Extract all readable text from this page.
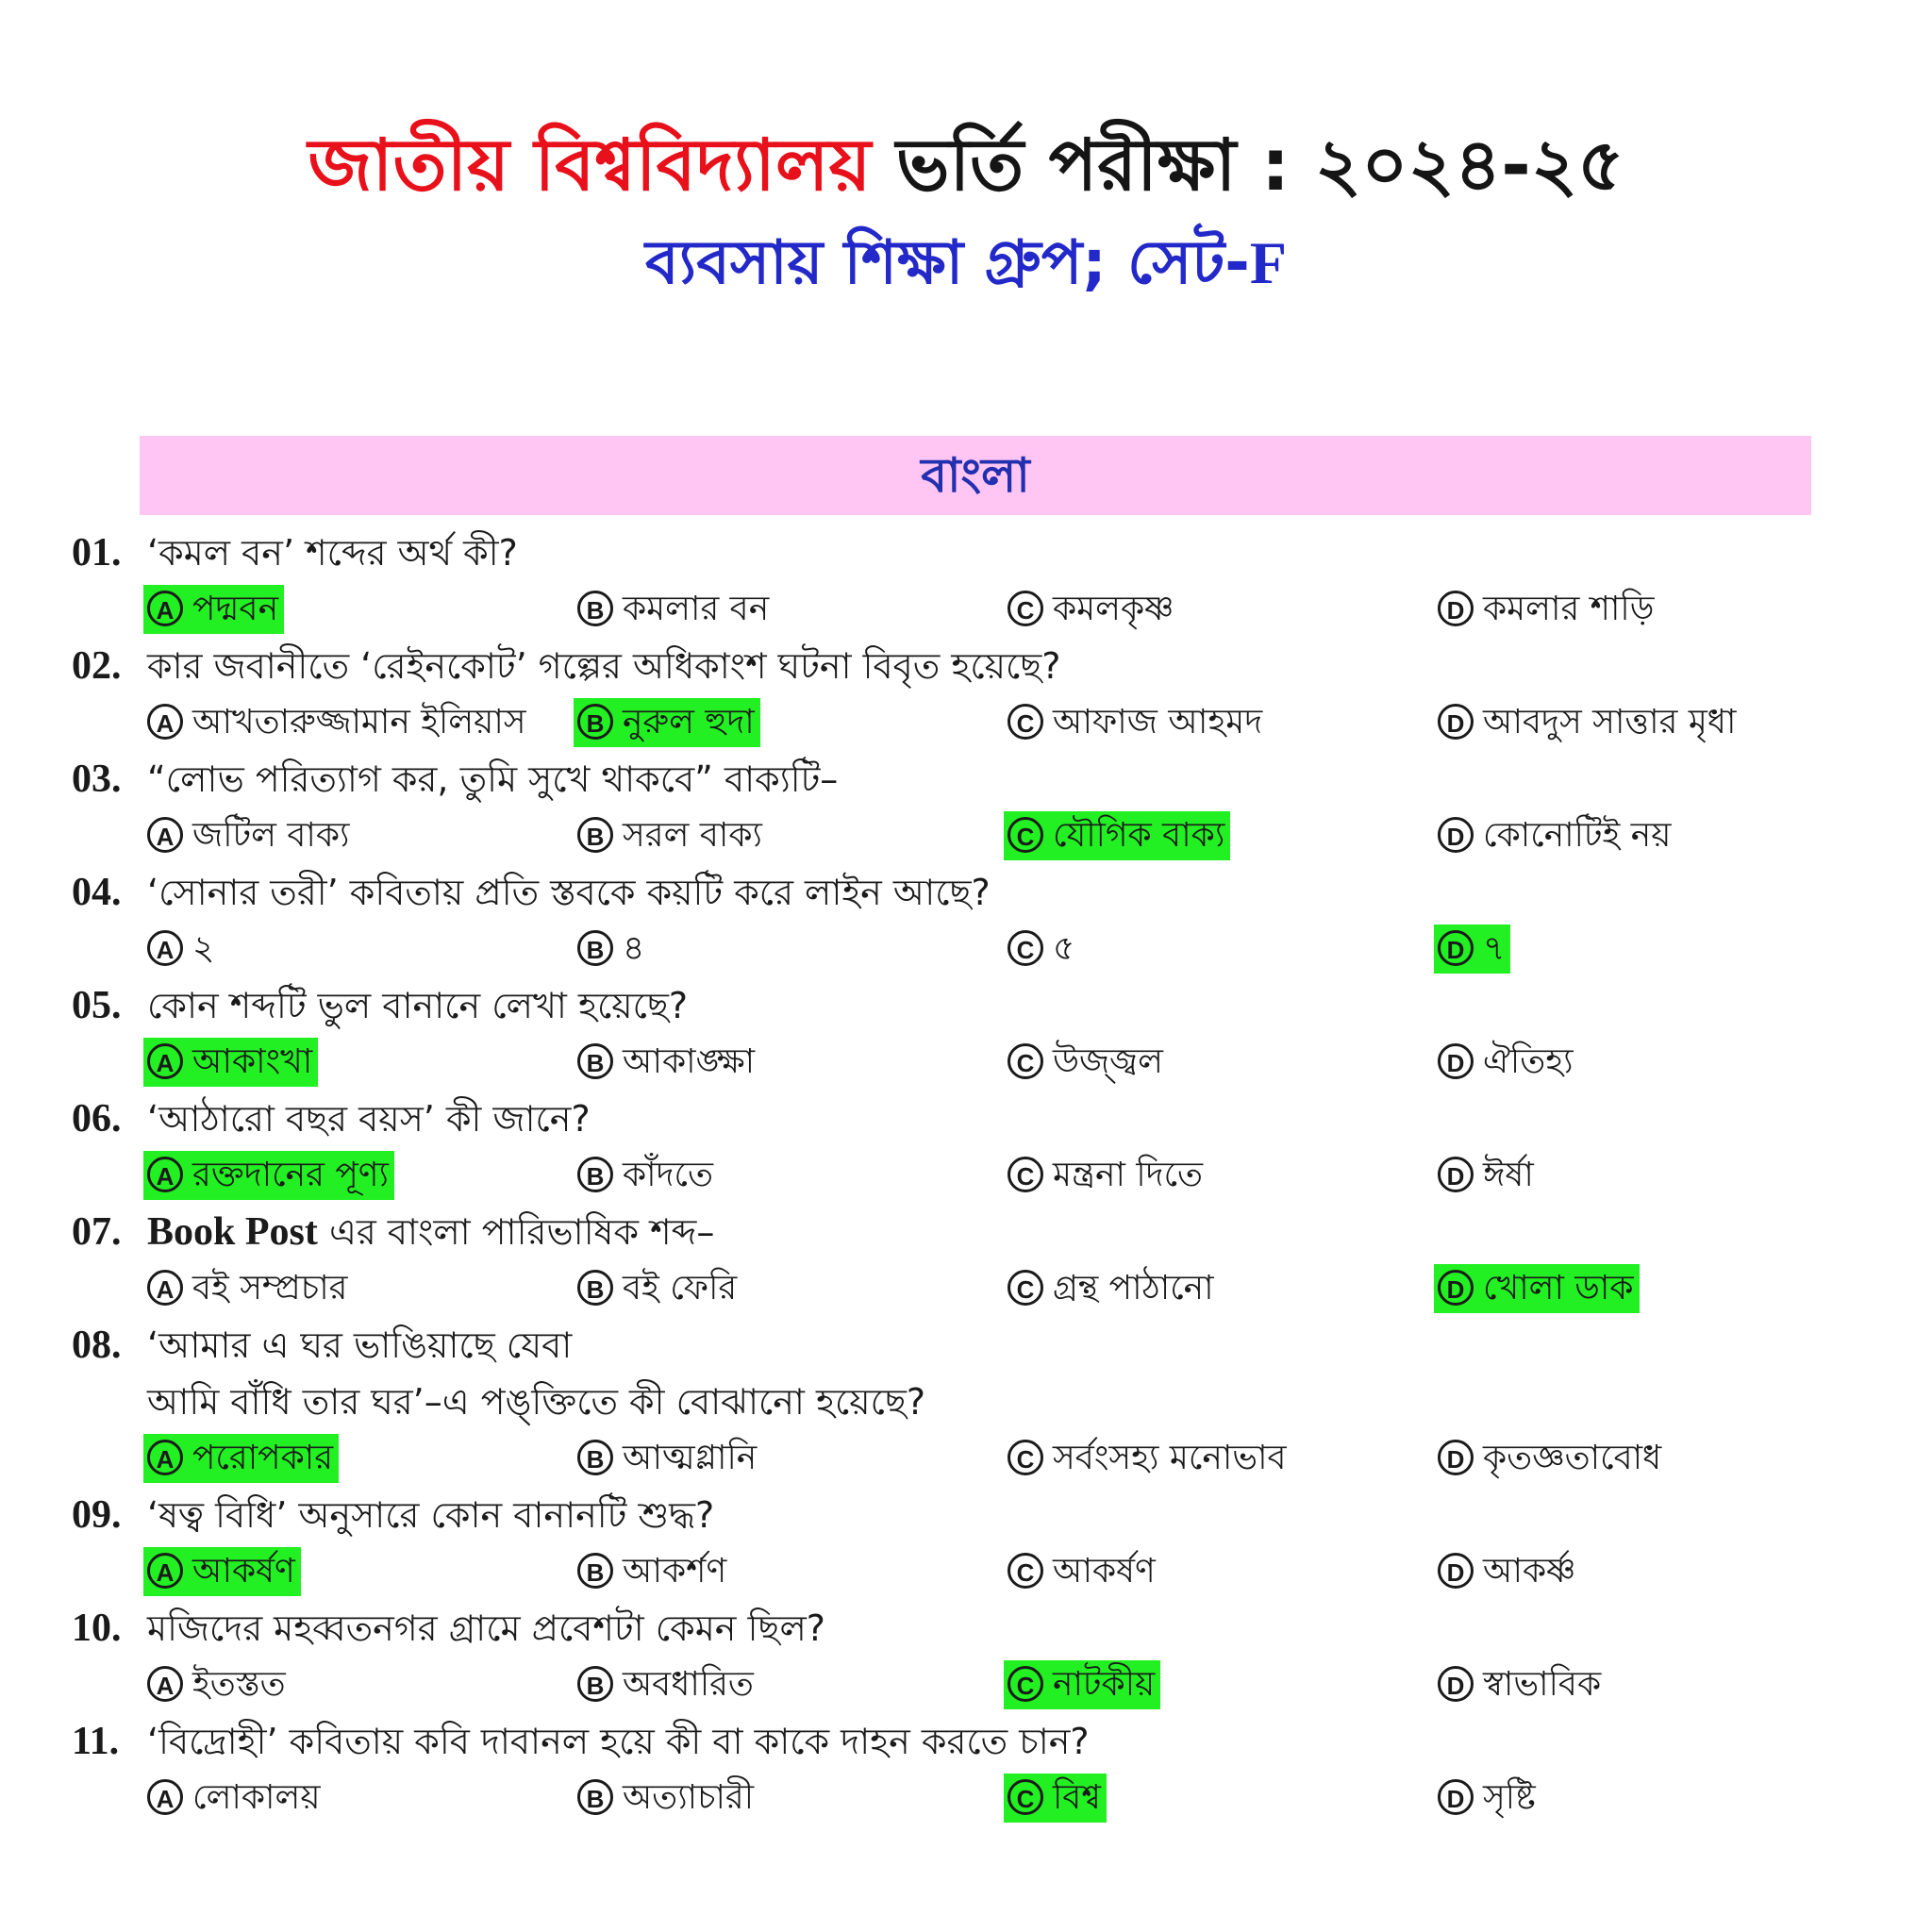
জাতীয় বিশ্ববিদ্যালয় ভর্তি পরীক্ষা : ২০২৪-২৫
ব্যবসায় শিক্ষা গ্রুপ; সেট-F
বাংলা
01. ‘কমল বন’ শব্দের অর্থ কী?
A পদ্মবন	B কমলার বন	C কমলকৃষ্ণ	D কমলার শাড়ি
02. কার জবানীতে ‘রেইনকোট’ গল্পের অধিকাংশ ঘটনা বিবৃত হয়েছে?
A আখতারুজ্জামান ইলিয়াস	B নুরুল হুদা	C আফাজ আহমদ	D আবদুস সাত্তার মৃধা
03. “লোভ পরিত্যাগ কর, তুমি সুখে থাকবে” বাক্যটি–
A জটিল বাক্য	B সরল বাক্য	C যৌগিক বাক্য	D কোনোটিই নয়
04. ‘সোনার তরী’ কবিতায় প্রতি স্তবকে কয়টি করে লাইন আছে?
A ২	B ৪	C ৫	D ৭
05. কোন শব্দটি ভুল বানানে লেখা হয়েছে?
A আকাংখা	B আকাঙ্ক্ষা	C উজ্জ্বল	D ঐতিহ্য
06. ‘আঠারো বছর বয়স’ কী জানে?
A রক্তদানের পূণ্য	B কাঁদতে	C মন্ত্রনা দিতে	D ঈর্ষা
07. Book Post এর বাংলা পারিভাষিক শব্দ–
A বই সম্প্রচার	B বই ফেরি	C গ্রন্থ পাঠানো	D খোলা ডাক
08. ‘আমার এ ঘর ভাঙিয়াছে যেবা
আমি বাঁধি তার ঘর’–এ পঙ্‌ক্তিতে কী বোঝানো হয়েছে?
A পরোপকার	B আত্মগ্লানি	C সর্বংসহ্য মনোভাব	D কৃতজ্ঞতাবোধ
09. ‘ষত্ব বিধি’ অনুসারে কোন বানানটি শুদ্ধ?
A আকর্ষণ	B আকর্শণ	C আকর্ষণ	D আকর্ষ্ণ
10. মজিদের মহব্বতনগর গ্রামে প্রবেশটা কেমন ছিল?
A ইতস্তত	B অবধারিত	C নাটকীয়	D স্বাভাবিক
11. ‘বিদ্রোহী’ কবিতায় কবি দাবানল হয়ে কী বা কাকে দাহন করতে চান?
A লোকালয়	B অত্যাচারী	C বিশ্ব	D সৃষ্টি
